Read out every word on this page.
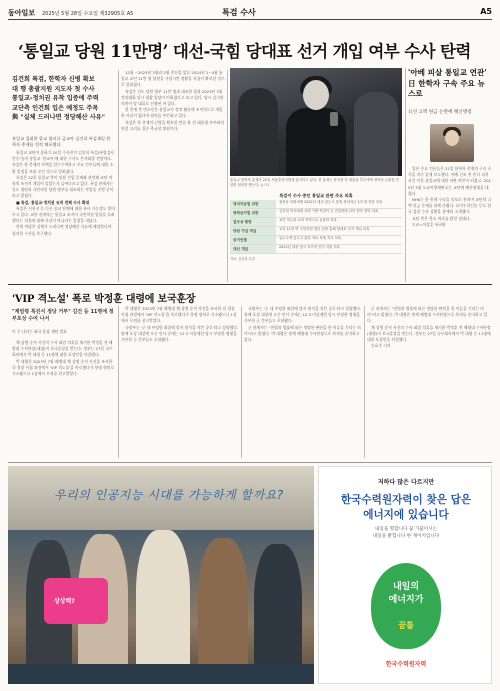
동아일보 2025년 5월 28일 수요일 제32905호 A5	특검 수사	A5
‘통일교 당원 11만명’ 대선-국힘 당대표 선거 개입 여부 수사 탄력
김건희 특검, 한학자 신병 확보
대 행 총괄지원 지도자 첫 수사
통일교-정치권 유착 입증에 주력
교단측 인건희 입은 예정도 주목
與 "실체 드러나면 정당해산 사유"
통일교 집회한 종교 혐의로 금교아 김건희 특검 8일 한학자 총재를 전격 체포했다

통일교 교단이 종하기 20일 수사진이 김건희 특검(특별검사 민중기)이 통일교 '한교아'에 대한 수사도 본격화할 전망이다. 특검은 한 총재의 자택을 압수수색하고 주요 간부들에 대한 소환 일정을 조율 중인 것으로 알려졌다.

특검은 22일 통일교 측이 당원 가입 문제와 관련해 교단 차원의 조직적 개입이 있었는지 들여다보고 있다. 특검 관계자는 신도 명단과 국민의힘 당원 명부를 대조하는 작업을 진행 중이라고 밝혔다.

■ 특검, 통일교-정치권 유착 전체 수사 확대

특검은 신천지 등 다른 종교 단체에 대한 조사 가능성도 열어 두고 있다. 교단 관계자는 통일교 조직이 국민의힘 입당을 독려했다는 의혹에 대해 사실이 아니라는 입장을 내놨다.

한편 여당은 실체가 드러나면 정당해산 사유에 해당한다며 철저한 수사를 촉구했다.

12월 ~2023년 3월과 2월 총선을 앞둔 2024년 1~4월 통일교 교인 11만 명 당원을 가입시킨 정황을 특검이 확보한 것으로 알려졌다.

특검은 신도 당원 명부 11만 명과 대조한 결과 2023년 3월 전당대회 당시 대량 입당이 이뤄졌다고 보고 있다. 당시 김기현 의원이 당 대표로 선출된 바 있다.

한 총재 측 변호인은 통일교가 정치 활동에 조직적으로 개입한 사실이 없다며 혐의를 부인하고 있다.

특검은 한 총재의 신병을 확보한 만큼 윤 전 대통령 부부와의 연결 고리를 집중 추궁할 방침이다.

통일교 한학자 총재가 22일 서울중앙지법에 출석하고 있다. 한 총재는 윤석열 전 대통령 부부에게 청탁성 금품을 전달한 혐의를 받는다. 뉴스1
특검이 수사 중인 통일교 관련 주요 의혹
정치자금법 위반	권성동 의원에게 2022년 대선 앞두고 불법 정치자금 1억 원 전달 의혹
청탁금지법 위반	김건희 여사에게 샤넬 가방·목걸이 등 전달하며 교단 현안 청탁 의혹
업무상 횡령	교단 자금을 로비 목적으로 유용한 의혹
당원 가입 개입	교인 11만 명 국민의힘 집단 입당 통해 당대표 선거 개입 의혹
증거인멸	압수수색 앞두고 관련 자료 삭제 지시 의혹
대선 개입	2022년 대선 당시 조직적 선거 지원 의혹
자료: 김건희 특검
'아베 피살 통일교 연관' 日 한학자 구속 주요 뉴스로
日선 고액 헌금 논란에 해산명령

일본 주요 언론들은 22일 한학자 총재의 구속 소식을 비중 있게 보도했다. 아베 신조 전 총리 피격 사건 이후 통일교에 대한 비판 여론이 커졌고, 2025년 3월 도쿄지방재판소는 교단에 해산명령을 내렸다.

NHK는 한 총재 구속을 속보로 전하며 교단의 고액 헌금 문제를 함께 다뤘다. 요미우리신문 등도 한국 검찰 수사 상황을 상세히 소개했다.

교단 측은 항소 의사를 밝힌 상태다.

도쿄=이상훈 특파원

'VIP 격노설' 폭로 박정훈 대령에 보국훈장
"계엄령 특진서 정당 거부" 김건 등 11명에 정부포상 수여 나서
이 수 나라는 외국 훈장 재단 발표

채 상병 순직 사건의 수사 외압 의혹을 제기한 박정훈 전 해병대 수사단장(대령)이 보국훈장을 받는다. 정부는 27일 국무회의에서 박 대령 등 11명에 대한 포상안을 의결했다.

박 대령은 2023년 7월 해병대 채 상병 순직 사건을 조사한 뒤 경찰 이첩 과정에서 'VIP 격노설'을 폭로했다가 항명 혐의로 기소됐으나 1심에서 무죄를 선고받았다.

박 대령은 2023년 7월 해병대 채 상병 순직 사건을 조사한 뒤 경찰 이첩 과정에서 'VIP 격노설'을 폭로했다가 항명 혐의로 기소됐으나 1심에서 무죄를 선고받았다.

국방부는 '군 내 부당한 외압에 맞서 원칙을 지킨 공로'라고 설명했다. 함께 포상 대상에 오른 인사 중에는 12·3 비상계엄 당시 부당한 명령을 거부한 군 간부들도 포함됐다.

국방부는 '군 내 부당한 외압에 맞서 원칙을 지킨 공로'라고 설명했다. 함께 포상 대상에 오른 인사 중에는 12·3 비상계엄 당시 부당한 명령을 거부한 군 간부들도 포함됐다.

군 관계자는 "헌법과 법률에 따른 정당한 판단을 한 이들을 기리는 의미"라고 밝혔다. 박 대령은 현재 해병대 수사단장으로 복귀를 준비하고 있다.

군 관계자는 "헌법과 법률에 따른 정당한 판단을 한 이들을 기리는 의미"라고 밝혔다. 박 대령은 현재 해병대 수사단장으로 복귀를 준비하고 있다.

채 상병 순직 사건의 수사 외압 의혹을 제기한 박정훈 전 해병대 수사단장(대령)이 보국훈장을 받는다. 정부는 27일 국무회의에서 박 대령 등 11명에 대한 포상안을 의결했다.

손효주 기자

우리의 인공지능 시대를 가능하게 할까요?
상상력?
저하다 많은 다르지만
한국수력원자력이 찾은 답은
에너지에 있습니다
내일을 향합니다 꿈 가꿈이시는
내일을 밝힙니다 한 계이지입니다
내일의
에너지가
꿈틀
한국수력원자력
